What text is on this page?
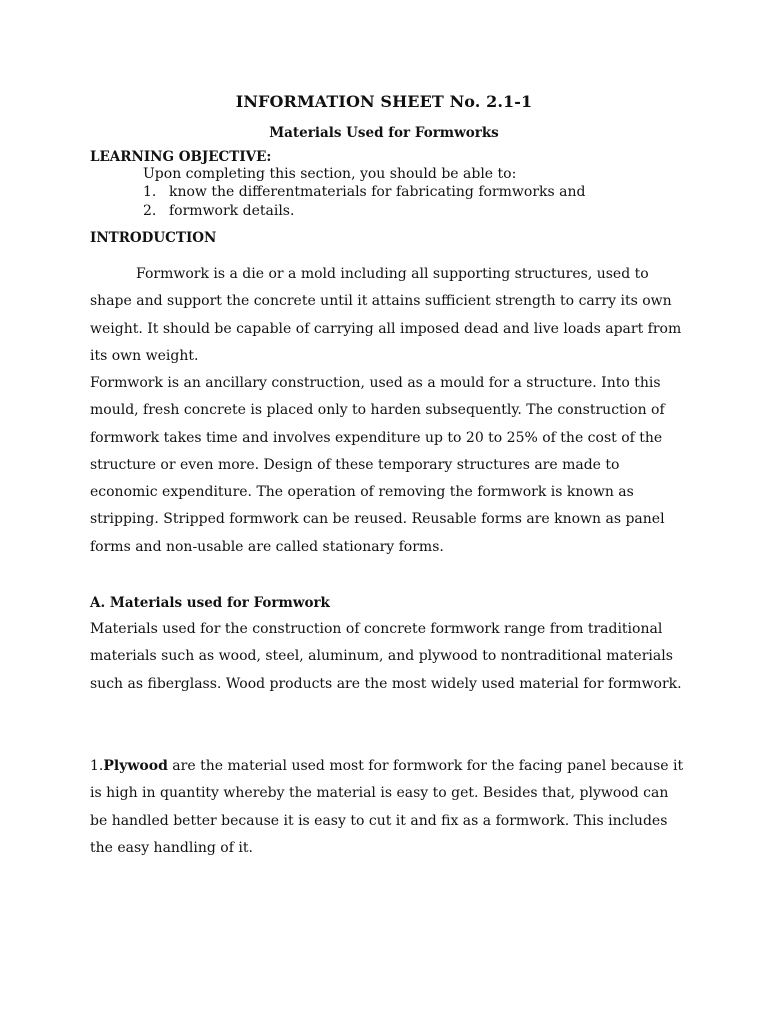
INFORMATION SHEET No. 2.1-1
Materials Used for Formworks
LEARNING OBJECTIVE:
Upon completing this section, you should be able to:
1. know the differentmaterials for fabricating formworks and
2. formwork details.
INTRODUCTION

Formwork is a die or a mold including all supporting structures, used to shape and support the concrete until it attains sufficient strength to carry its own weight. It should be capable of carrying all imposed dead and live loads apart from its own weight.

Formwork is an ancillary construction, used as a mould for a structure. Into this mould, fresh concrete is placed only to harden subsequently. The construction of formwork takes time and involves expenditure up to 20 to 25% of the cost of the structure or even more. Design of these temporary structures are made to economic expenditure. The operation of removing the formwork is known as stripping. Stripped formwork can be reused. Reusable forms are known as panel forms and non-usable are called stationary forms.

A. Materials used for Formwork

Materials used for the construction of concrete formwork range from traditional materials such as wood, steel, aluminum, and plywood to nontraditional materials such as fiberglass. Wood products are the most widely used material for formwork.

1.Plywood are the material used most for formwork for the facing panel because it is high in quantity whereby the material is easy to get. Besides that, plywood can be handled better because it is easy to cut it and fix as a formwork. This includes the easy handling of it.
